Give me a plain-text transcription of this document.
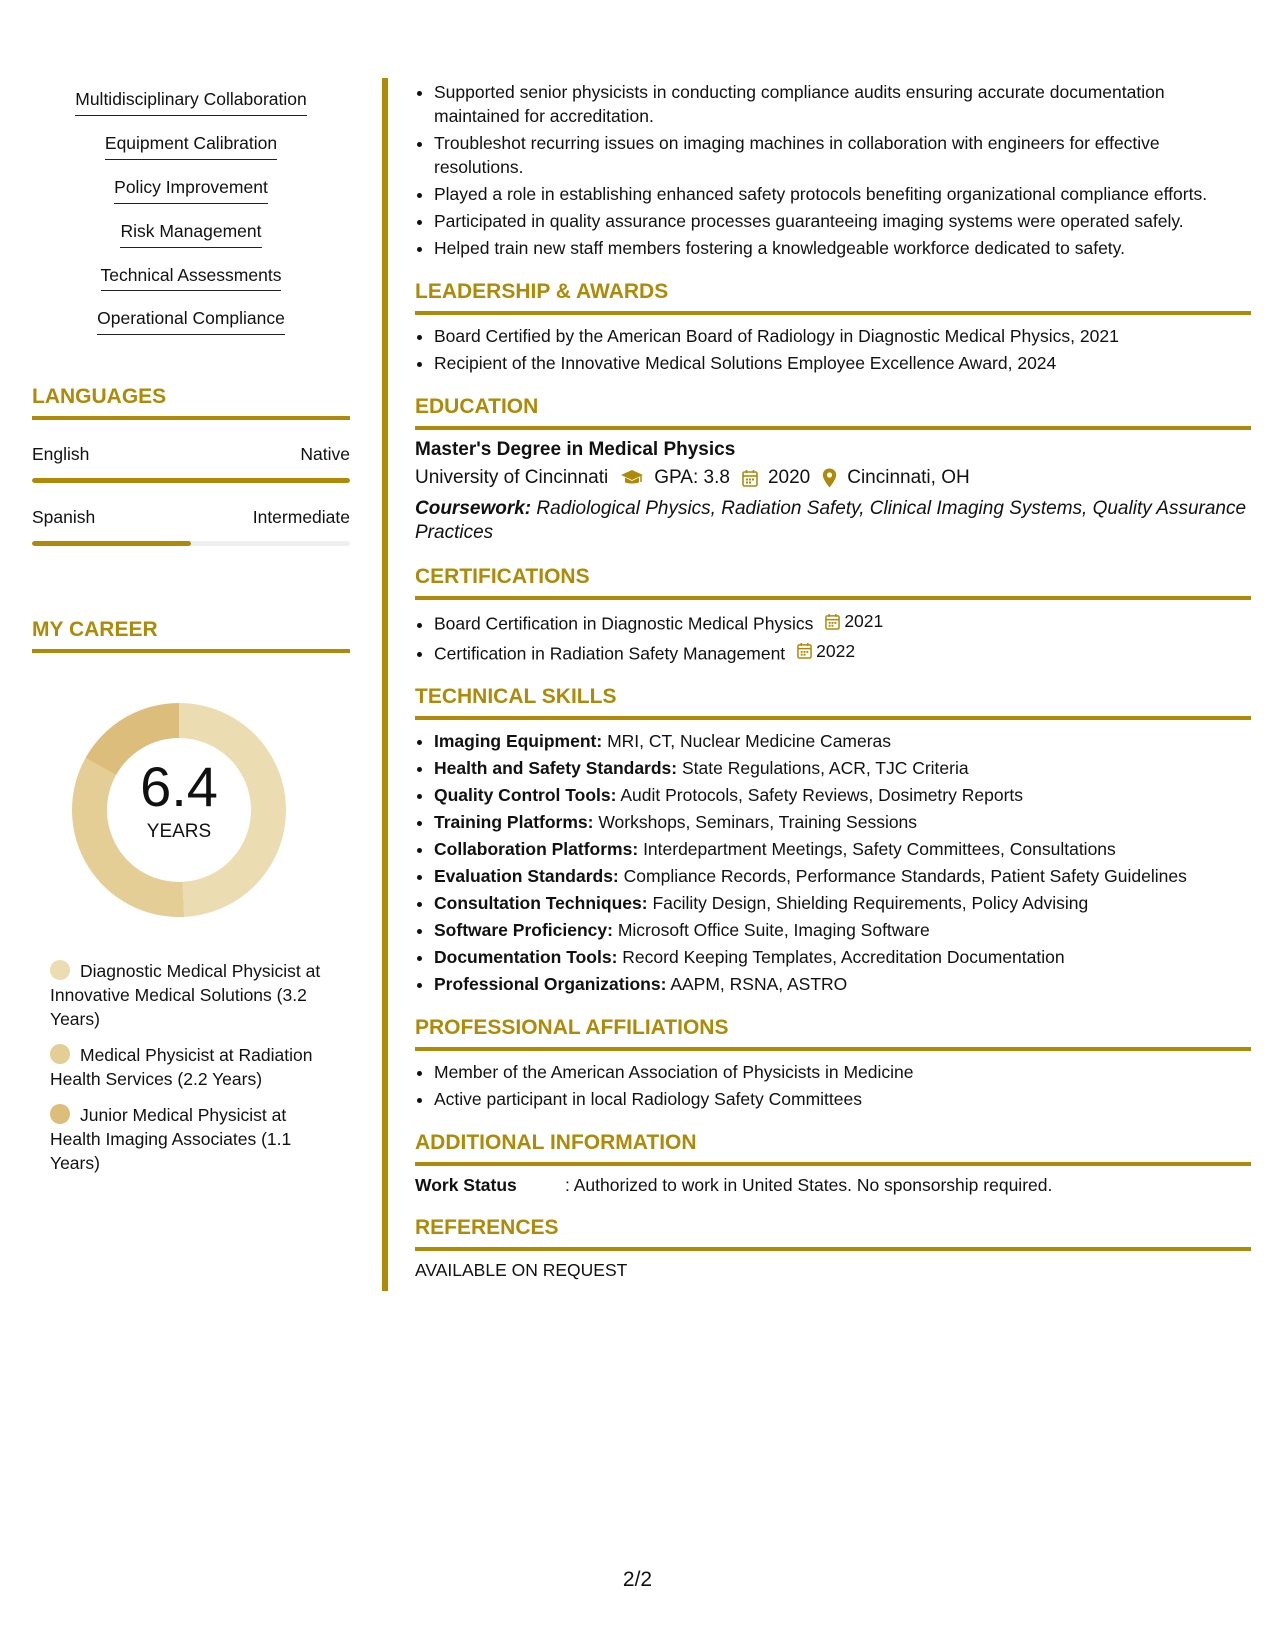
Multidisciplinary Collaboration
Equipment Calibration
Policy Improvement
Risk Management
Technical Assessments
Operational Compliance
LANGUAGES
English	Native
Spanish	Intermediate
MY CAREER
6.4
YEARS
Diagnostic Medical Physicist at Innovative Medical Solutions (3.2 Years)
Medical Physicist at Radiation Health Services (2.2 Years)
Junior Medical Physicist at Health Imaging Associates (1.1 Years)
• Supported senior physicists in conducting compliance audits ensuring accurate documentation maintained for accreditation.
• Troubleshot recurring issues on imaging machines in collaboration with engineers for effective resolutions.
• Played a role in establishing enhanced safety protocols benefiting organizational compliance efforts.
• Participated in quality assurance processes guaranteeing imaging systems were operated safely.
• Helped train new staff members fostering a knowledgeable workforce dedicated to safety.
LEADERSHIP & AWARDS
• Board Certified by the American Board of Radiology in Diagnostic Medical Physics, 2021
• Recipient of the Innovative Medical Solutions Employee Excellence Award, 2024
EDUCATION
Master's Degree in Medical Physics
University of Cincinnati GPA: 3.8 2020 Cincinnati, OH
Coursework: Radiological Physics, Radiation Safety, Clinical Imaging Systems, Quality Assurance Practices
CERTIFICATIONS
• Board Certification in Diagnostic Medical Physics 2021
• Certification in Radiation Safety Management 2022
TECHNICAL SKILLS
• Imaging Equipment: MRI, CT, Nuclear Medicine Cameras
• Health and Safety Standards: State Regulations, ACR, TJC Criteria
• Quality Control Tools: Audit Protocols, Safety Reviews, Dosimetry Reports
• Training Platforms: Workshops, Seminars, Training Sessions
• Collaboration Platforms: Interdepartment Meetings, Safety Committees, Consultations
• Evaluation Standards: Compliance Records, Performance Standards, Patient Safety Guidelines
• Consultation Techniques: Facility Design, Shielding Requirements, Policy Advising
• Software Proficiency: Microsoft Office Suite, Imaging Software
• Documentation Tools: Record Keeping Templates, Accreditation Documentation
• Professional Organizations: AAPM, RSNA, ASTRO
PROFESSIONAL AFFILIATIONS
• Member of the American Association of Physicists in Medicine
• Active participant in local Radiology Safety Committees
ADDITIONAL INFORMATION
Work Status	: Authorized to work in United States. No sponsorship required.
REFERENCES
AVAILABLE ON REQUEST
2/2
